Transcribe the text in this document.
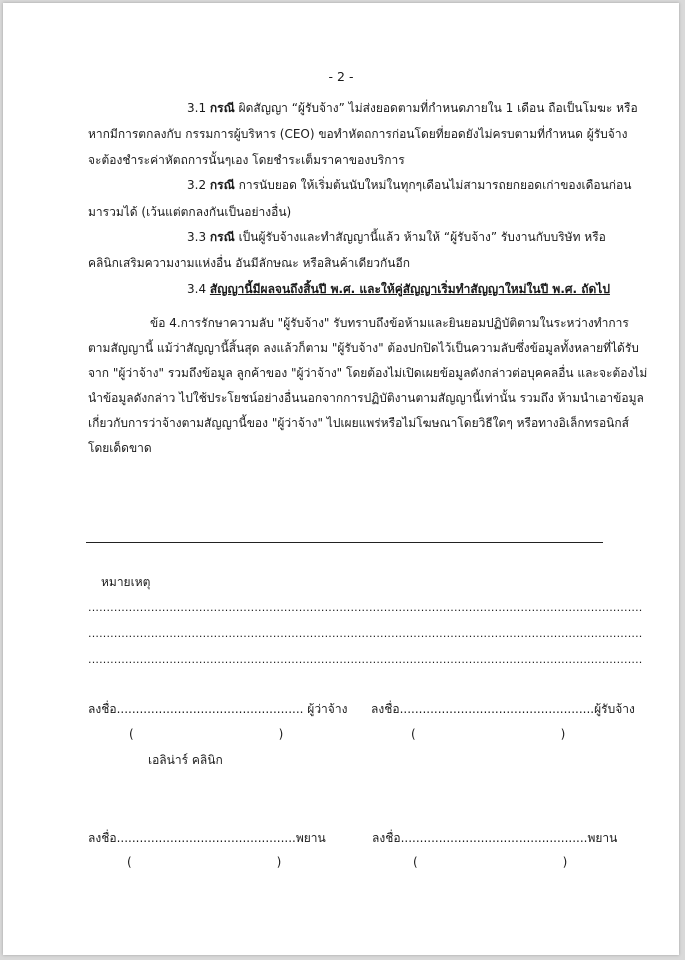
- 2 -
3.1 กรณี ผิดสัญญา “ผู้รับจ้าง” ไม่ส่งยอดตามที่กำหนดภายใน 1 เดือน ถือเป็นโมฆะ หรือ
หากมีการตกลงกับ กรรมการผู้บริหาร (CEO) ขอทำหัตถการก่อนโดยที่ยอดยังไม่ครบตามที่กำหนด ผู้รับจ้าง
จะต้องชำระค่าหัตถการนั้นๆเอง โดยชำระเต็มราคาของบริการ
3.2 กรณี การนับยอด ให้เริ่มต้นนับใหม่ในทุกๆเดือนไม่สามารถยกยอดเก่าของเดือนก่อน
มารวมได้ (เว้นแต่ตกลงกันเป็นอย่างอื่น)
3.3 กรณี เป็นผู้รับจ้างและทำสัญญานี้แล้ว ห้ามให้ “ผู้รับจ้าง” รับงานกับบริษัท หรือ
คลินิกเสริมความงามแห่งอื่น อันมีลักษณะ หรือสินค้าเดียวกันอีก
3.4 สัญญานี้มีผลจนถึงสิ้นปี พ.ศ. และให้คู่สัญญาเริ่มทำสัญญาใหม่ในปี พ.ศ. ถัดไป
ข้อ 4.การรักษาความลับ "ผู้รับจ้าง" รับทราบถึงข้อห้ามและยินยอมปฏิบัติตามในระหว่างทำการ
ตามสัญญานี้ แม้ว่าสัญญานี้สิ้นสุด ลงแล้วก็ตาม "ผู้รับจ้าง" ต้องปกปิดไว้เป็นความลับซึ่งข้อมูลทั้งหลายที่ได้รับ
จาก "ผู้ว่าจ้าง" รวมถึงข้อมูล ลูกค้าของ "ผู้ว่าจ้าง" โดยต้องไม่เปิดเผยข้อมูลดังกล่าวต่อบุคคลอื่น และจะต้องไม่
นำข้อมูลดังกล่าว ไปใช้ประโยชน์อย่างอื่นนอกจากการปฏิบัติงานตามสัญญานี้เท่านั้น รวมถึง ห้ามนำเอาข้อมูล
เกี่ยวกับการว่าจ้างตามสัญญานี้ของ "ผู้ว่าจ้าง" ไปเผยแพร่หรือไม่โฆษณาโดยวิธีใดๆ หรือทางอิเล็กทรอนิกส์
โดยเด็ดขาด
หมายเหตุ
......................................................................................................................................................
......................................................................................................................................................
......................................................................................................................................................
ลงชื่อ................................................. ผู้ว่าจ้าง
(                                      )
ลงชื่อ...................................................ผู้รับจ้าง
(                                      )
เอลิน่าร์ คลินิก
ลงชื่อ...............................................พยาน
(                                      )
ลงชื่อ.................................................พยาน
(                                      )
